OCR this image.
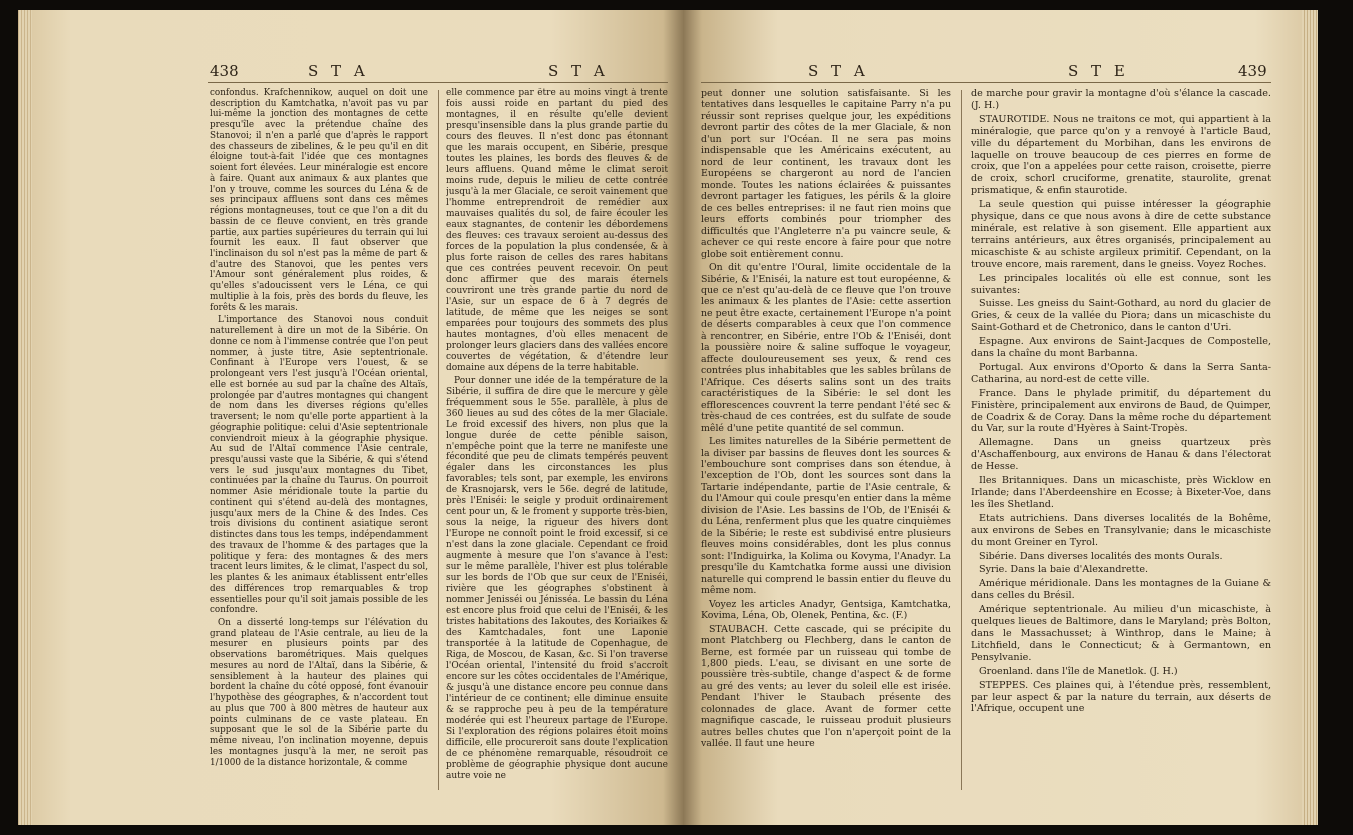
438	S T A	S T A

confondus. Krafchennikow, auquel on doit une description du Kamtchatka, n'avoit pas vu par lui-même la jonction des montagnes de cette presqu'île avec la prétendue chaîne des Stanovoi; il n'en a parlé que d'après le rapport des chasseurs de zibelines, & le peu qu'il en dit éloigne tout-à-fait l'idée que ces montagnes soient fort élevées. Leur minéralogie est encore à faire. Quant aux animaux & aux plantes que l'on y trouve, comme les sources du Léna & de ses principaux affluens sont dans ces mêmes régions montagneuses, tout ce que l'on a dit du bassin de ce fleuve convient, en très grande partie, aux parties supérieures du terrain qui lui fournit les eaux. Il faut observer que l'inclinaison du sol n'est pas la même de part & d'autre des Stanovoi, que les pentes vers l'Amour sont généralement plus roides, & qu'elles s'adoucissent vers le Léna, ce qui multiplie à la fois, près des bords du fleuve, les forêts & les marais.

L'importance des Stanovoi nous conduit naturellement à dire un mot de la Sibérie. On donne ce nom à l'immense contrée que l'on peut nommer, à juste titre, Asie septentrionale. Confinant à l'Europe vers l'ouest, & se prolongeant vers l'est jusqu'à l'Océan oriental, elle est bornée au sud par la chaîne des Altaïs, prolongée par d'autres montagnes qui changent de nom dans les diverses régions qu'elles traversent; le nom qu'elle porte appartient à la géographie politique: celui d'Asie septentrionale conviendroit mieux à la géographie physique. Au sud de l'Altaï commence l'Asie centrale, presqu'aussi vaste que la Sibérie, & qui s'étend vers le sud jusqu'aux montagnes du Tibet, continuées par la chaîne du Taurus. On pourroit nommer Asie méridionale toute la partie du continent qui s'étend au-delà des montagnes, jusqu'aux mers de la Chine & des Indes. Ces trois divisions du continent asiatique seront distinctes dans tous les temps, indépendamment des travaux de l'homme & des partages que la politique y fera: des montagnes & des mers tracent leurs limites, & le climat, l'aspect du sol, les plantes & les animaux établissent entr'elles des différences trop remarquables & trop essentielles pour qu'il soit jamais possible de les confondre.

On a disserté long-temps sur l'élévation du grand plateau de l'Asie centrale, au lieu de la mesurer en plusieurs points par des observations barométriques. Mais quelques mesures au nord de l'Altaï, dans la Sibérie, & sensiblement à la hauteur des plaines qui bordent la chaîne du côté opposé, font évanouir l'hypothèse des géographes, & n'accordent tout au plus que 700 à 800 mètres de hauteur aux points culminans de ce vaste plateau. En supposant que le sol de la Sibérie parte du même niveau, l'on inclination moyenne, depuis les montagnes jusqu'à la mer, ne seroit pas 1/1000 de la distance horizontale, & comme

elle commence par être au moins vingt à trente fois aussi roide en partant du pied des montagnes, il en résulte qu'elle devient presqu'insensible dans la plus grande partie du cours des fleuves. Il n'est donc pas étonnant que les marais occupent, en Sibérie, presque toutes les plaines, les bords des fleuves & de leurs affluens. Quand même le climat seroit moins rude, depuis le milieu de cette contrée jusqu'à la mer Glaciale, ce seroit vainement que l'homme entreprendroit de remédier aux mauvaises qualités du sol, de faire écouler les eaux stagnantes, de contenir les débordemens des fleuves: ces travaux seroient au-dessus des forces de la population la plus condensée, & à plus forte raison de celles des rares habitans que ces contrées peuvent recevoir. On peut donc affirmer que des marais éternels couvriront une très grande partie du nord de l'Asie, sur un espace de 6 à 7 degrés de latitude, de même que les neiges se sont emparées pour toujours des sommets des plus hautes montagnes, d'où elles menacent de prolonger leurs glaciers dans des vallées encore couvertes de végétation, & d'étendre leur domaine aux dépens de la terre habitable.

Pour donner une idée de la température de la Sibérie, il suffira de dire que le mercure y gèle fréquemment sous le 55e. parallèle, à plus de 360 lieues au sud des côtes de la mer Glaciale. Le froid excessif des hivers, non plus que la longue durée de cette pénible saison, n'empêche point que la terre ne manifeste une fécondité que peu de climats tempérés peuvent égaler dans les circonstances les plus favorables; tels sont, par exemple, les environs de Krasnojarsk, vers le 56e. degré de latitude, près l'Eniséi: le seigle y produit ordinairement cent pour un, & le froment y supporte très-bien, sous la neige, la rigueur des hivers dont l'Europe ne connoît point le froid excessif, si ce n'est dans la zone glaciale. Cependant ce froid augmente à mesure que l'on s'avance à l'est: sur le même parallèle, l'hiver est plus tolérable sur les bords de l'Ob que sur ceux de l'Eniséi, rivière que les géographes s'obstinent à nommer Jenisséi ou Jénisséa. Le bassin du Léna est encore plus froid que celui de l'Eniséi, & les tristes habitations des Iakoutes, des Koriaikes & des Kamtchadales, font une Laponie transportée à la latitude de Copenhague, de Riga, de Moscou, de Kasan, &c. Si l'on traverse l'Océan oriental, l'intensité du froid s'accroît encore sur les côtes occidentales de l'Amérique, & jusqu'à une distance encore peu connue dans l'intérieur de ce continent; elle diminue ensuite & se rapproche peu à peu de la température modérée qui est l'heureux partage de l'Europe. Si l'exploration des régions polaires étoit moins difficile, elle procureroit sans doute l'explication de ce phénomène remarquable, résoudroit ce problème de géographie physique dont aucune autre voie ne

S T A	S T E	439

peut donner une solution satisfaisante. Si les tentatives dans lesquelles le capitaine Parry n'a pu réussir sont reprises quelque jour, les expéditions devront partir des côtes de la mer Glaciale, & non d'un port sur l'Océan. Il ne sera pas moins indispensable que les Américains exécutent, au nord de leur continent, les travaux dont les Européens se chargeront au nord de l'ancien monde. Toutes les nations éclairées & puissantes devront partager les fatigues, les périls & la gloire de ces belles entreprises: il ne faut rien moins que leurs efforts combinés pour triompher des difficultés que l'Angleterre n'a pu vaincre seule, & achever ce qui reste encore à faire pour que notre globe soit entièrement connu.

On dit qu'entre l'Oural, limite occidentale de la Sibérie, & l'Eniséi, la nature est tout européenne, & que ce n'est qu'au-delà de ce fleuve que l'on trouve les animaux & les plantes de l'Asie: cette assertion ne peut être exacte, certainement l'Europe n'a point de déserts comparables à ceux que l'on commence à rencontrer, en Sibérie, entre l'Ob & l'Eniséi, dont la poussière noire & saline suffoque le voyageur, affecte douloureusement ses yeux, & rend ces contrées plus inhabitables que les sables brûlans de l'Afrique. Ces déserts salins sont un des traits caractéristiques de la Sibérie: le sel dont les efflorescences couvrent la terre pendant l'été sec & très-chaud de ces contrées, est du sulfate de soude mêlé d'une petite quantité de sel commun.

Les limites naturelles de la Sibérie permettent de la diviser par bassins de fleuves dont les sources & l'embouchure sont comprises dans son étendue, à l'exception de l'Ob, dont les sources sont dans la Tartarie indépendante, partie de l'Asie centrale, & du l'Amour qui coule presqu'en entier dans la même division de l'Asie. Les bassins de l'Ob, de l'Eniséi & du Léna, renferment plus que les quatre cinquièmes de la Sibérie; le reste est subdivisé entre plusieurs fleuves moins considérables, dont les plus connus sont: l'Indiguirka, la Kolima ou Kovyma, l'Anadyr. La presqu'île du Kamtchatka forme aussi une division naturelle qui comprend le bassin entier du fleuve du même nom.

Voyez les articles Anadyr, Gentsiga, Kamtchatka, Kovima, Léna, Ob, Olenek, Pentina, &c. (F.)

STAUBACH. Cette cascade, qui se précipite du mont Platchberg ou Flechberg, dans le canton de Berne, est formée par un ruisseau qui tombe de 1,800 pieds. L'eau, se divisant en une sorte de poussière très-subtile, change d'aspect & de forme au gré des vents; au lever du soleil elle est irisée. Pendant l'hiver le Staubach présente des colonnades de glace. Avant de former cette magnifique cascade, le ruisseau produit plusieurs autres belles chutes que l'on n'aperçoit point de la vallée. Il faut une heure

de marche pour gravir la montagne d'où s'élance la cascade. (J. H.)

STAUROTIDE. Nous ne traitons ce mot, qui appartient à la minéralogie, que parce qu'on y a renvoyé à l'article Baud, ville du département du Morbihan, dans les environs de laquelle on trouve beaucoup de ces pierres en forme de croix, que l'on a appelées pour cette raison, croisette, pierre de croix, schorl cruciforme, grenatite, staurolite, grenat prismatique, & enfin staurotide.

La seule question qui puisse intéresser la géographie physique, dans ce que nous avons à dire de cette substance minérale, est relative à son gisement. Elle appartient aux terrains antérieurs, aux êtres organisés, principalement au micaschiste & au schiste argileux primitif. Cependant, on la trouve encore, mais rarement, dans le gneiss. Voyez Roches.

Les principales localités où elle est connue, sont les suivantes:

Suisse. Les gneiss du Saint-Gothard, au nord du glacier de Gries, & ceux de la vallée du Piora; dans un micaschiste du Saint-Gothard et de Chetronico, dans le canton d'Uri.

Espagne. Aux environs de Saint-Jacques de Compostelle, dans la chaîne du mont Barbanna.

Portugal. Aux environs d'Oporto & dans la Serra Santa-Catharina, au nord-est de cette ville.

France. Dans le phylade primitif, du département du Finistère, principalement aux environs de Baud, de Quimper, de Coadrix & de Coray. Dans la même roche du département du Var, sur la route d'Hyères à Saint-Tropès.

Allemagne. Dans un gneiss quartzeux près d'Aschaffenbourg, aux environs de Hanau & dans l'électorat de Hesse.

Iles Britanniques. Dans un micaschiste, près Wicklow en Irlande; dans l'Aberdeenshire en Ecosse; à Bixeter-Voe, dans les îles Shetland.

Etats autrichiens. Dans diverses localités de la Bohême, aux environs de Sebes en Transylvanie; dans le micaschiste du mont Greiner en Tyrol.

Sibérie. Dans diverses localités des monts Ourals.

Syrie. Dans la baie d'Alexandrette.

Amérique méridionale. Dans les montagnes de la Guiane & dans celles du Brésil.

Amérique septentrionale. Au milieu d'un micaschiste, à quelques lieues de Baltimore, dans le Maryland; près Bolton, dans le Massachusset; à Winthrop, dans le Maine; à Litchfield, dans le Connecticut; & à Germantown, en Pensylvanie.

Groenland. dans l'île de Manetlok. (J. H.)

STEPPES. Ces plaines qui, à l'étendue près, ressemblent, par leur aspect & par la nature du terrain, aux déserts de l'Afrique, occupent une
